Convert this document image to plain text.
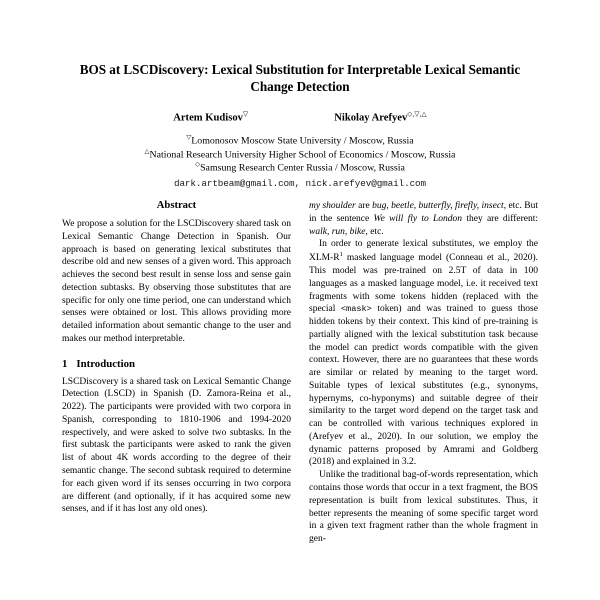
BOS at LSCDiscovery: Lexical Substitution for Interpretable Lexical Semantic Change Detection
Artem Kudisov▽	Nikolay Arefyev◇,▽,△
▽Lomonosov Moscow State University / Moscow, Russia
△National Research University Higher School of Economics / Moscow, Russia
◇Samsung Research Center Russia / Moscow, Russia
dark.artbeam@gmail.com, nick.arefyev@gmail.com
Abstract

We propose a solution for the LSCDiscovery shared task on Lexical Semantic Change Detection in Spanish. Our approach is based on generating lexical substitutes that describe old and new senses of a given word. This approach achieves the second best result in sense loss and sense gain detection subtasks. By observing those substitutes that are specific for only one time period, one can understand which senses were obtained or lost. This allows providing more detailed information about semantic change to the user and makes our method interpretable.

1 Introduction

LSCDiscovery is a shared task on Lexical Semantic Change Detection (LSCD) in Spanish (D. Zamora-Reina et al., 2022). The participants were provided with two corpora in Spanish, corresponding to 1810-1906 and 1994-2020 respectively, and were asked to solve two subtasks. In the first subtask the participants were asked to rank the given list of about 4K words according to the degree of their semantic change. The second subtask required to determine for each given word if its senses occurring in two corpora are different (and optionally, if it has acquired some new senses, and if it has lost any old ones).

my shoulder are bug, beetle, butterfly, firefly, insect, etc. But in the sentence We will fly to London they are different: walk, run, bike, etc.

In order to generate lexical substitutes, we employ the XLM-R$^1$ masked language model (Conneau et al., 2020). This model was pre-trained on 2.5T of data in 100 languages as a masked language model, i.e. it received text fragments with some tokens hidden (replaced with the special <mask> token) and was trained to guess those hidden tokens by their context. This kind of pre-training is partially aligned with the lexical substitution task because the model can predict words compatible with the given context. However, there are no guarantees that these words are similar or related by meaning to the target word. Suitable types of lexical substitutes (e.g., synonyms, hypernyms, co-hyponyms) and suitable degree of their similarity to the target word depend on the target task and can be controlled with various techniques explored in (Arefyev et al., 2020). In our solution, we employ the dynamic patterns proposed by Amrami and Goldberg (2018) and explained in 3.2.

Unlike the traditional bag-of-words representation, which contains those words that occur in a text fragment, the BOS representation is built from lexical substitutes. Thus, it better represents the meaning of some specific target word in a given text fragment rather than the whole fragment in gen-
